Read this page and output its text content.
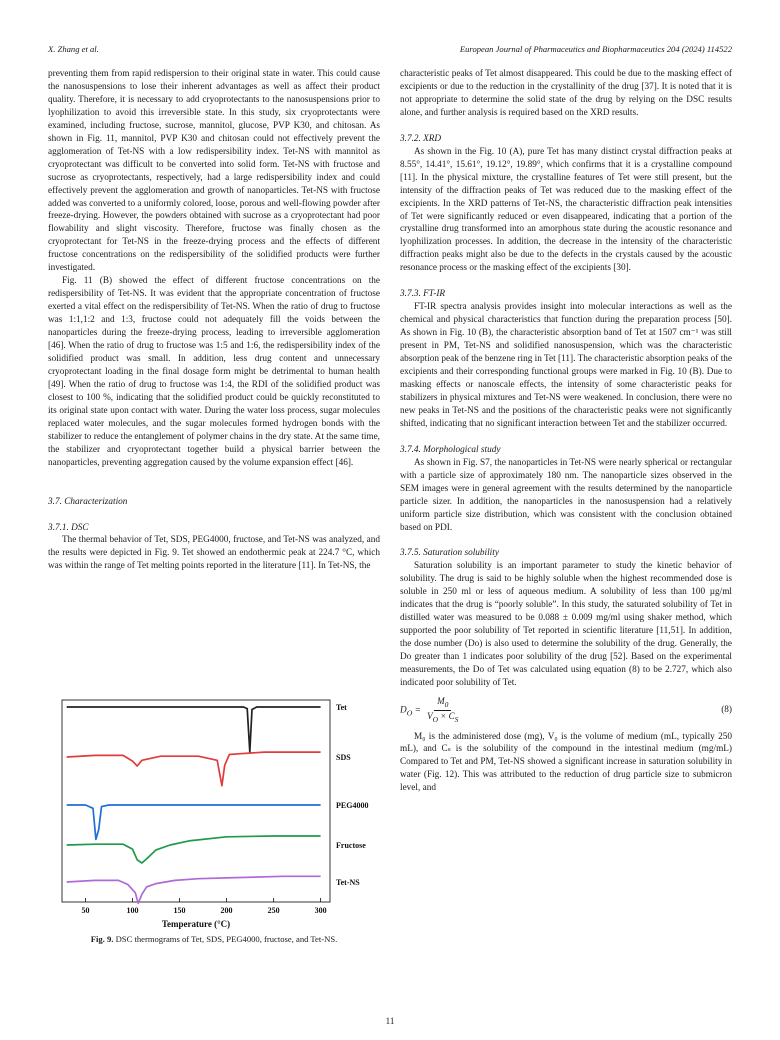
X. Zhang et al.	European Journal of Pharmaceutics and Biopharmaceutics 204 (2024) 114522

preventing them from rapid redispersion to their original state in water. This could cause the nanosuspensions to lose their inherent advantages as well as affect their product quality. Therefore, it is necessary to add cryoprotectants to the nanosuspensions prior to lyophilization to avoid this irreversible state. In this study, six cryoprotectants were examined, including fructose, sucrose, mannitol, glucose, PVP K30, and chitosan. As shown in Fig. 11, mannitol, PVP K30 and chitosan could not effectively prevent the agglomeration of Tet-NS with a low redispersibility index. Tet-NS with mannitol as cryoprotectant was difficult to be converted into solid form. Tet-NS with fructose and sucrose as cryoprotectants, respectively, had a large redispersibility index and could effectively prevent the agglomeration and growth of nanoparticles. Tet-NS with fructose added was converted to a uniformly colored, loose, porous and well-flowing powder after freeze-drying. However, the powders obtained with sucrose as a cryoprotectant had poor flowability and slight viscosity. Therefore, fructose was finally chosen as the cryoprotectant for Tet-NS in the freeze-drying process and the effects of different fructose concentrations on the redispersibility of the solidified products were further investigated.

Fig. 11 (B) showed the effect of different fructose concentrations on the redispersibility of Tet-NS. It was evident that the appropriate concentration of fructose exerted a vital effect on the redispersibility of Tet-NS. When the ratio of drug to fructose was 1:1,1:2 and 1:3, fructose could not adequately fill the voids between the nanoparticles during the freeze-drying process, leading to irreversible agglomeration [46]. When the ratio of drug to fructose was 1:5 and 1:6, the redispersibility index of the solidified product was small. In addition, less drug content and unnecessary cryoprotectant loading in the final dosage form might be detrimental to human health [49]. When the ratio of drug to fructose was 1:4, the RDI of the solidified product was closest to 100 %, indicating that the solidified product could be quickly reconstituted to its original state upon contact with water. During the water loss process, sugar molecules replaced water molecules, and the sugar molecules formed hydrogen bonds with the stabilizer to reduce the entanglement of polymer chains in the dry state. At the same time, the stabilizer and cryoprotectant together build a physical barrier between the nanoparticles, preventing aggregation caused by the volume expansion effect [46].

3.7. Characterization
3.7.1. DSC

The thermal behavior of Tet, SDS, PEG4000, fructose, and Tet-NS was analyzed, and the results were depicted in Fig. 9. Tet showed an endothermic peak at 224.7 °C, which was within the range of Tet melting points reported in the literature [11]. In Tet-NS, the

Tet
SDS
PEG4000
Fructose
Tet-NS
50	100	150	200	250	300
Temperature (°C)
Fig. 9. DSC thermograms of Tet, SDS, PEG4000, fructose, and Tet-NS.

characteristic peaks of Tet almost disappeared. This could be due to the masking effect of excipients or due to the reduction in the crystallinity of the drug [37]. It is noted that it is not appropriate to determine the solid state of the drug by relying on the DSC results alone, and further analysis is required based on the XRD results.

3.7.2. XRD

As shown in the Fig. 10 (A), pure Tet has many distinct crystal diffraction peaks at 8.55°, 14.41°, 15.61°, 19.12°, 19.89°, which confirms that it is a crystalline compound [11]. In the physical mixture, the crystalline features of Tet were still present, but the intensity of the diffraction peaks of Tet was reduced due to the masking effect of the excipients. In the XRD patterns of Tet-NS, the characteristic diffraction peak intensities of Tet were significantly reduced or even disappeared, indicating that a portion of the crystalline drug transformed into an amorphous state during the acoustic resonance and lyophilization processes. In addition, the decrease in the intensity of the characteristic diffraction peaks might also be due to the defects in the crystals caused by the acoustic resonance process or the masking effect of the excipients [30].

3.7.3. FT-IR

FT-IR spectra analysis provides insight into molecular interactions as well as the chemical and physical characteristics that function during the preparation process [50]. As shown in Fig. 10 (B), the characteristic absorption band of Tet at 1507 cm⁻¹ was still present in PM, Tet-NS and solidified nanosuspension, which was the characteristic absorption peak of the benzene ring in Tet [11]. The characteristic absorption peaks of the excipients and their corresponding functional groups were marked in Fig. 10 (B). Due to masking effects or nanoscale effects, the intensity of some characteristic peaks for stabilizers in physical mixtures and Tet-NS were weakened. In conclusion, there were no new peaks in Tet-NS and the positions of the characteristic peaks were not significantly shifted, indicating that no significant interaction between Tet and the stabilizer occurred.

3.7.4. Morphological study

As shown in Fig. S7, the nanoparticles in Tet-NS were nearly spherical or rectangular with a particle size of approximately 180 nm. The nanoparticle sizes observed in the SEM images were in general agreement with the results determined by the nanoparticle particle sizer. In addition, the nanoparticles in the nanosuspension had a relatively uniform particle size distribution, which was consistent with the conclusion obtained based on PDI.

3.7.5. Saturation solubility

Saturation solubility is an important parameter to study the kinetic behavior of solubility. The drug is said to be highly soluble when the highest recommended dose is soluble in 250 ml or less of aqueous medium. A solubility of less than 100 µg/ml indicates that the drug is “poorly soluble”. In this study, the saturated solubility of Tet in distilled water was measured to be 0.088 ± 0.009 mg/ml using shaker method, which supported the poor solubility of Tet reported in scientific literature [11,51]. In addition, the dose number (Do) is also used to determine the solubility of the drug. Generally, the Do greater than 1 indicates poor solubility of the drug [52]. Based on the experimental measurements, the Do of Tet was calculated using equation (8) to be 2.727, which also indicated poor solubility of Tet.

$D_O = \frac{M_0}{V_O \times C_S}$	(8)

M₀ is the administered dose (mg), V₀ is the volume of medium (mL, typically 250 mL), and Cₛ is the solubility of the compound in the intestinal medium (mg/mL) Compared to Tet and PM, Tet-NS showed a significant increase in saturation solubility in water (Fig. 12). This was attributed to the reduction of drug particle size to submicron level, and

11
